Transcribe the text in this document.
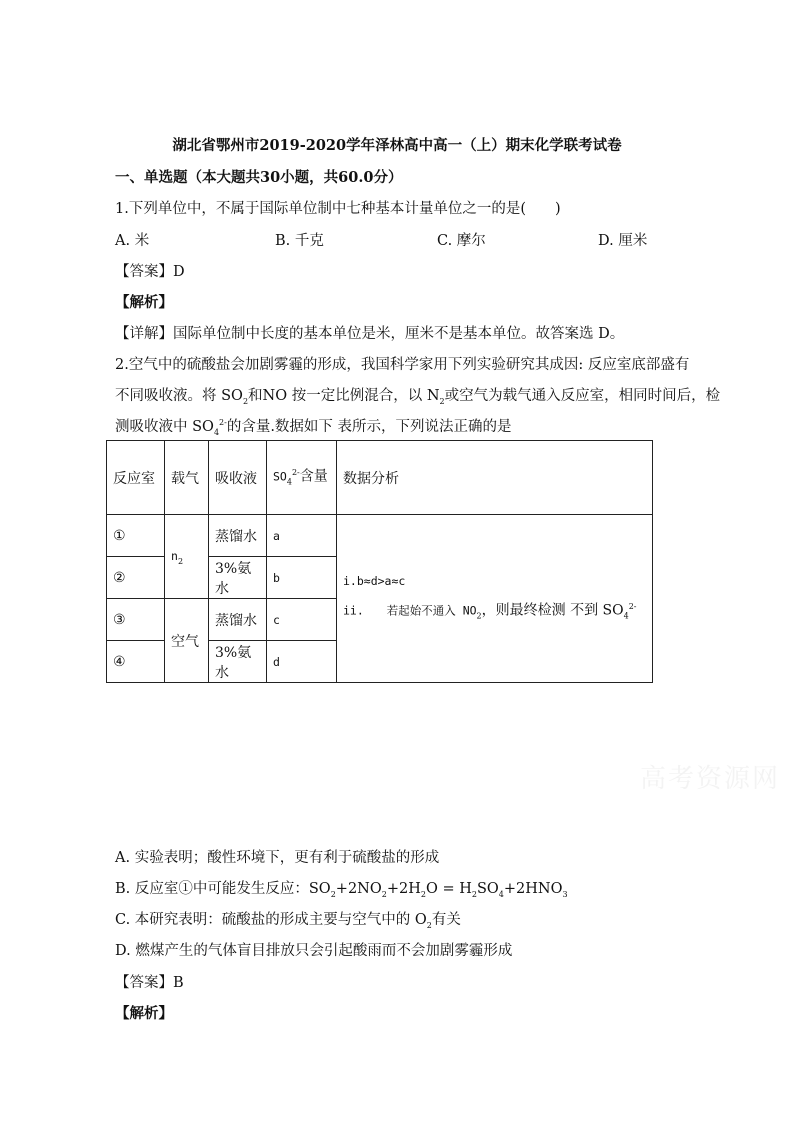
湖北省鄂州市2019-2020学年泽林高中高一（上）期末化学联考试卷
一、单选题（本大题共30小题，共60.0分）
1.下列单位中，不属于国际单位制中七种基本计量单位之一的是(　　)
A. 米	B. 千克	C. 摩尔	D. 厘米
【答案】D
【解析】
【详解】国际单位制中长度的基本单位是米，厘米不是基本单位。故答案选 D。
2.空气中的硫酸盐会加剧雾霾的形成，我国科学家用下列实验研究其成因: 反应室底部盛有
不同吸收液。将 $SO_2$和NO 按一定比例混合，以 $N_2$或空气为载气通入反应室，相同时间后，检
测吸收液中 $SO_4^{2-}$的含量.数据如下 表所示，下列说法正确的是
反应室	载气	吸收液	$SO_4^{2-}$含量	数据分析
①	$n_2$	蒸馏水	a	i.b≈d>a≈c
ii.　　若起始不通入 $NO_2$，则最终检测 不到 $SO_4^{2-}$

②		3%氨水	b	
③	空气	蒸馏水	c	
④		3%氨水	d	
高考资源网
A. 实验表明；酸性环境下，更有利于硫酸盐的形成
B. 反应室①中可能发生反应：$SO_2+2NO_2+2H_2O = H_2SO_4+2HNO_3$
C. 本研究表明：硫酸盐的形成主要与空气中的 $O_2$有关
D. 燃煤产生的气体盲目排放只会引起酸雨而不会加剧雾霾形成
【答案】B
【解析】
